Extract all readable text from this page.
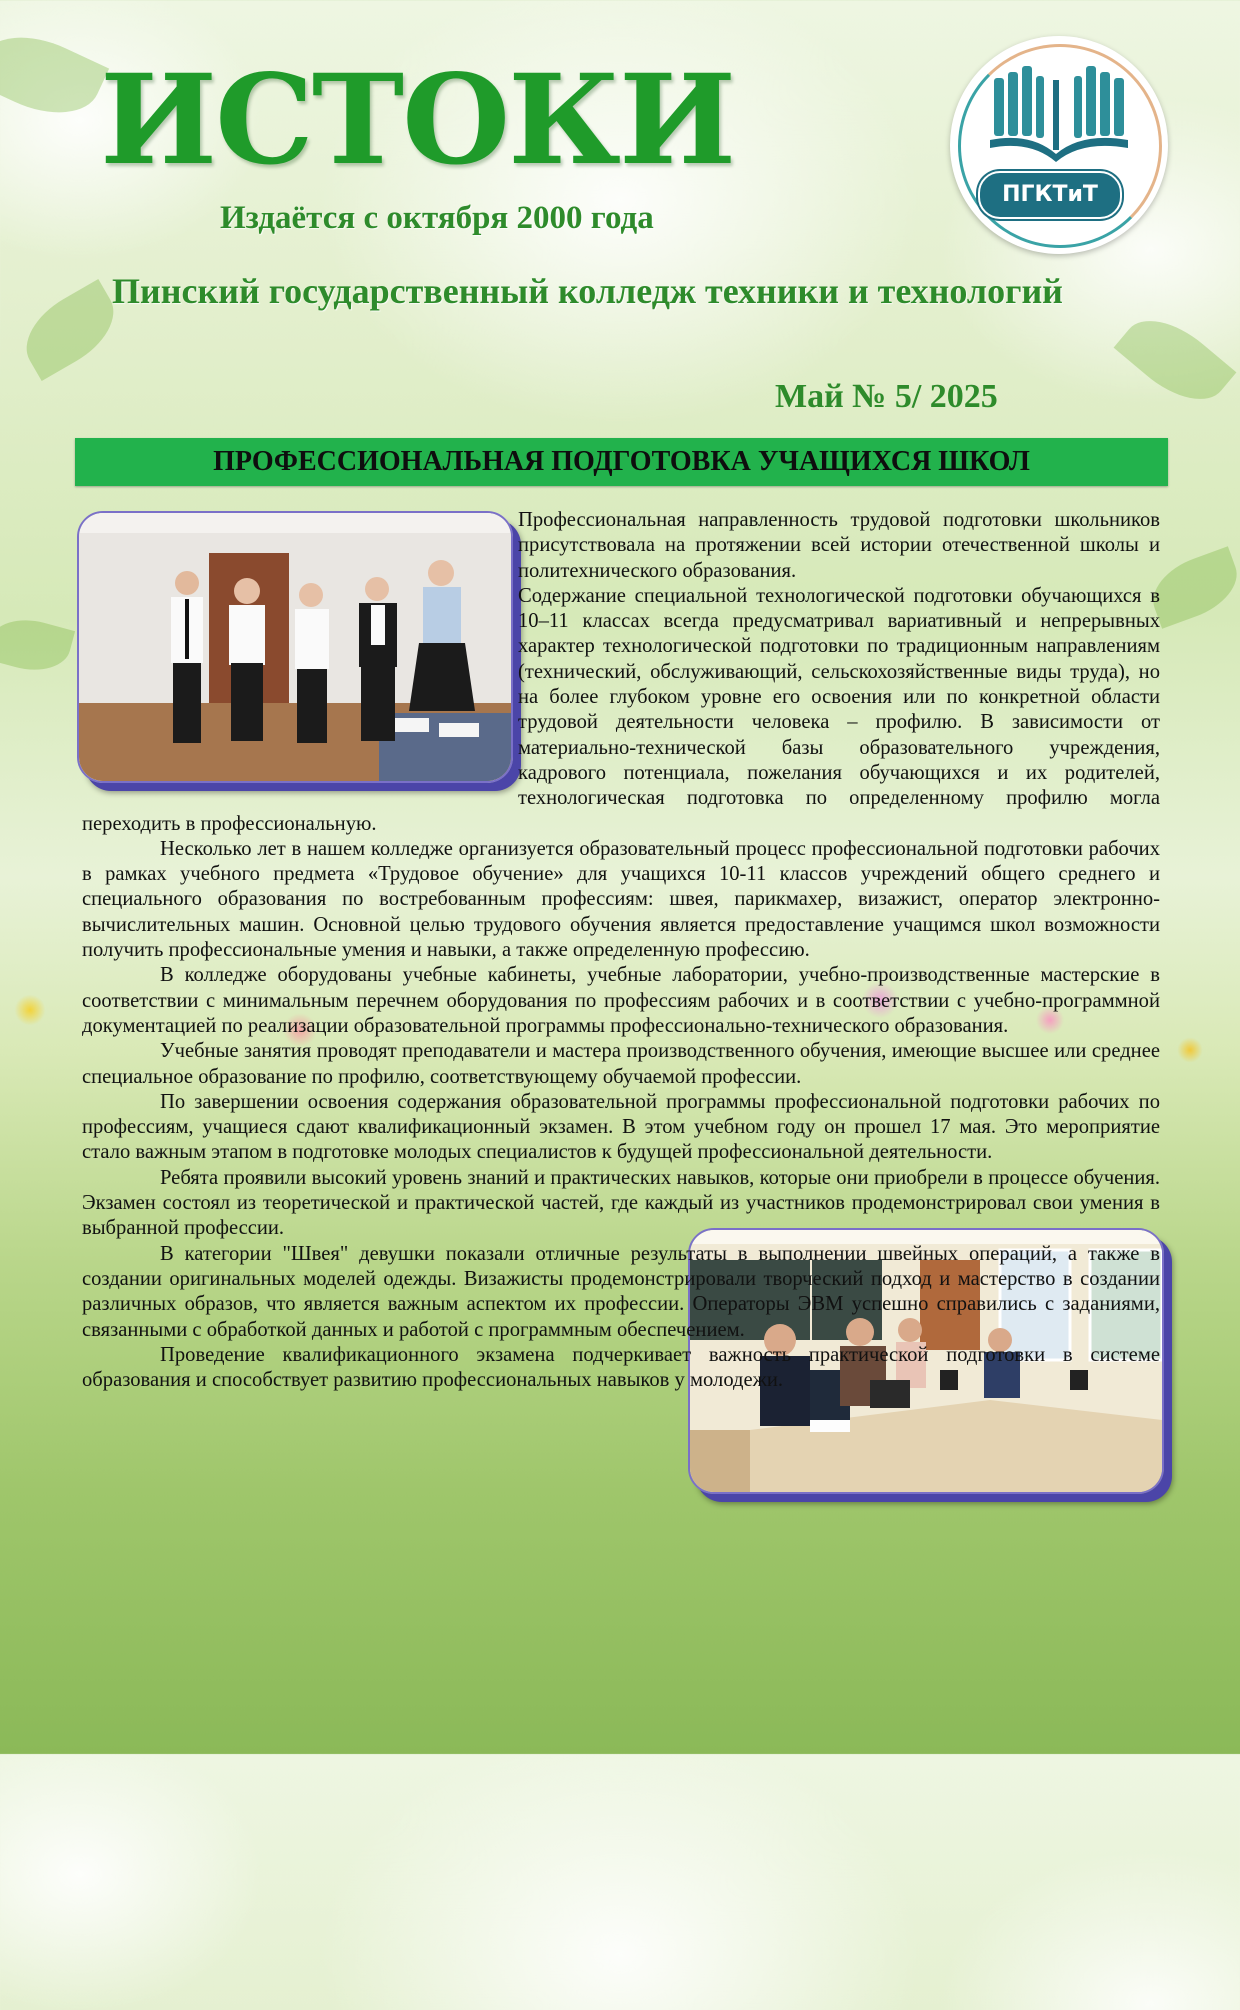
ИСТОКИ

Издаётся с октября 2000 года

Пинский государственный колледж техники и технологий

Май № 5/ 2025

ПГКТиТ
ПРОФЕССИОНАЛЬНАЯ ПОДГОТОВКА УЧАЩИХСЯ ШКОЛ

Профессиональная направленность трудовой подготовки школьников присутствовала на протяжении всей истории отечественной школы и политехнического образования.

Содержание специальной технологической подготовки обучающихся в 10–11 классах всегда предусматривал вариативный и непрерывных характер технологической подготовки по традиционным направлениям (технический, обслуживающий, сельскохозяйственные виды труда), но на более глубоком уровне его освоения или по конкретной области трудовой деятельности человека – профилю. В зависимости от материально-технической базы образовательного учреждения, кадрового потенциала, пожелания обучающихся и их родителей, технологическая подготовка по определенному профилю могла переходить в профессиональную.

Несколько лет в нашем колледже организуется образовательный процесс профессиональной подготовки рабочих в рамках учебного предмета «Трудовое обучение» для учащихся 10-11 классов учреждений общего среднего и специального образования по востребованным профессиям: швея, парикмахер, визажист, оператор электронно-вычислительных машин. Основной целью трудового обучения является предоставление учащимся школ возможности получить профессиональные умения и навыки, а также определенную профессию.

В колледже оборудованы учебные кабинеты, учебные лаборатории, учебно-производственные мастерские в соответствии с минимальным перечнем оборудования по профессиям рабочих и в соответствии с учебно-программной документацией по реализации образовательной программы профессионально-технического образования.

Учебные занятия проводят преподаватели и мастера производственного обучения, имеющие высшее или среднее специальное образование по профилю, соответствующему обучаемой профессии.

По завершении освоения содержания образовательной программы профессиональной подготовки рабочих по профессиям, учащиеся сдают квалификационный экзамен. В этом учебном году он прошел 17 мая. Это мероприятие стало важным этапом в подготовке молодых специалистов к будущей профессиональной деятельности.

Ребята проявили высокий уровень знаний и практических навыков, которые они приобрели в процессе обучения. Экзамен состоял из теоретической и практической частей, где каждый из участников продемонстрировал свои умения в выбранной профессии.

В категории "Швея" девушки показали отличные результаты в выполнении швейных операций, а также в создании оригинальных моделей одежды. Визажисты продемонстрировали творческий подход и мастерство в создании различных образов, что является важным аспектом их профессии. Операторы ЭВМ успешно справились с заданиями, связанными с обработкой данных и работой с программным обеспечением.

Проведение квалификационного экзамена подчеркивает важность практической подготовки в системе образования и способствует развитию профессиональных навыков у молодежи.
